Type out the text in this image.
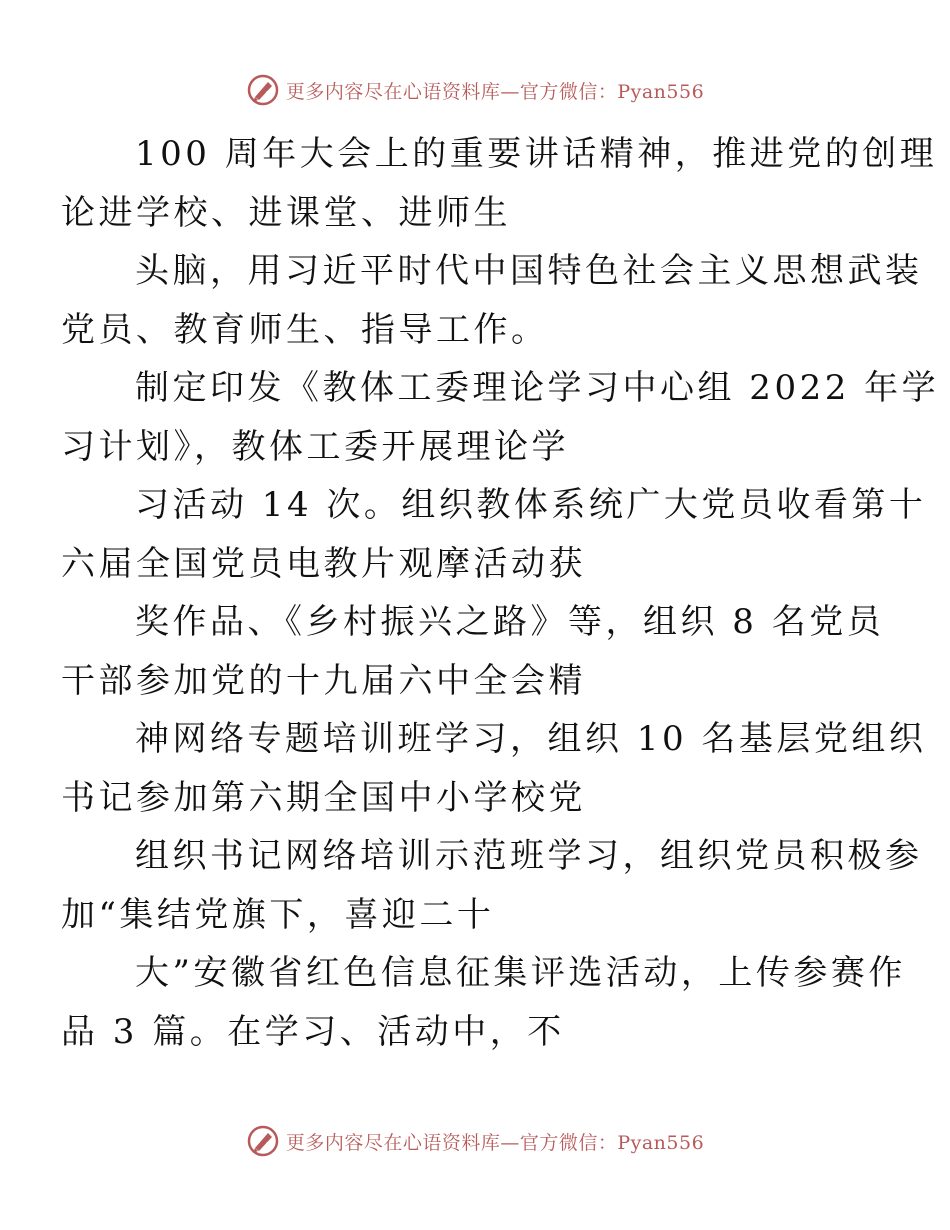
更多内容尽在心语资料库—官方微信：Pyan556

100 周年大会上的重要讲话精神，推进党的创理
论进学校、进课堂、进师生

头脑，用习近平时代中国特色社会主义思想武装
党员、教育师生、指导工作。

制定印发《教体工委理论学习中心组 2022 年学
习计划》，教体工委开展理论学

习活动 14 次。组织教体系统广大党员收看第十
六届全国党员电教片观摩活动获

奖作品、《乡村振兴之路》等，组织 8 名党员
干部参加党的十九届六中全会精

神网络专题培训班学习，组织 10 名基层党组织
书记参加第六期全国中小学校党

组织书记网络培训示范班学习，组织党员积极参
加“集结党旗下，喜迎二十

大”安徽省红色信息征集评选活动，上传参赛作
品 3 篇。在学习、活动中，不

更多内容尽在心语资料库—官方微信：Pyan556
